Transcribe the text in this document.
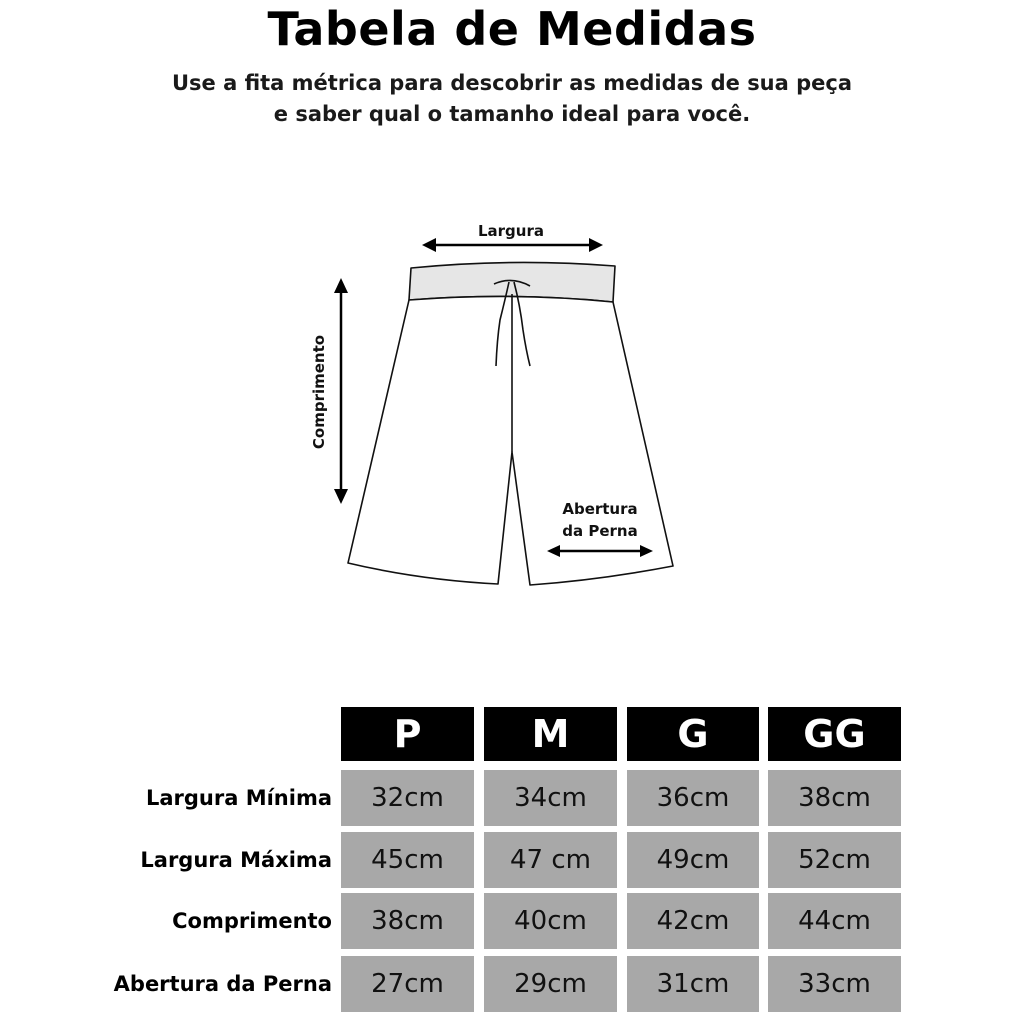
Tabela de Medidas
Use a fita métrica para descobrir as medidas de sua peça
e saber qual o tamanho ideal para você.
Largura
Comprimento
Abertura
da Perna
P	M	G	GG
Largura Mínima	32cm	34cm	36cm	38cm
Largura Máxima	45cm	47 cm	49cm	52cm
Comprimento	38cm	40cm	42cm	44cm
Abertura da Perna	27cm	29cm	31cm	33cm
